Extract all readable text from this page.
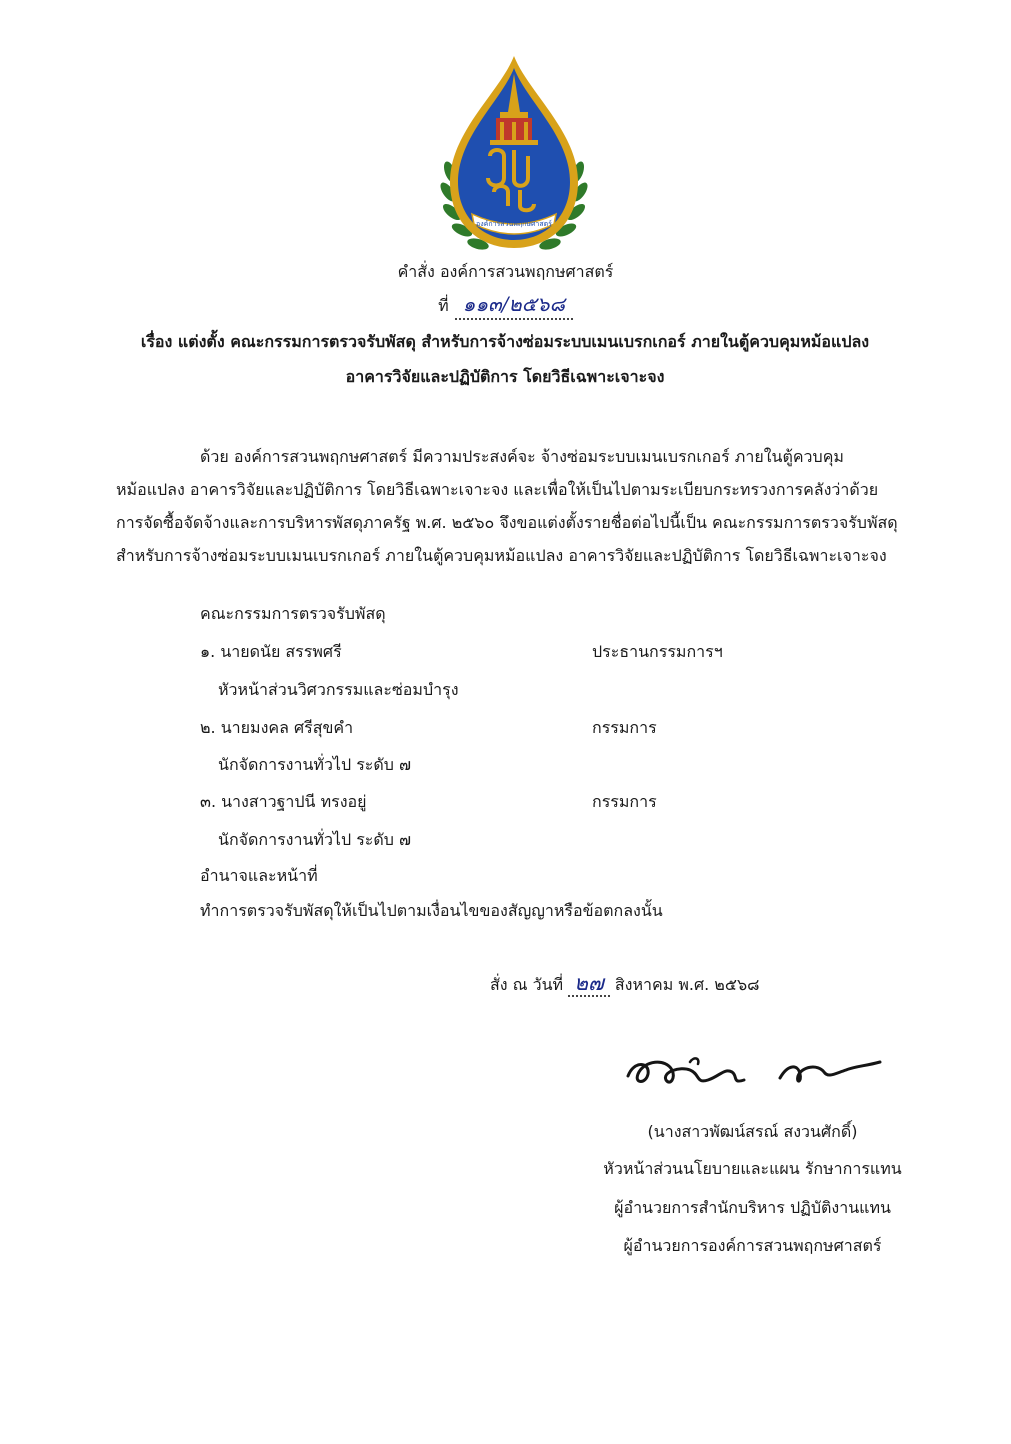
องค์การสวนพฤกษศาสตร์
คำสั่ง องค์การสวนพฤกษศาสตร์
ที่ ๑๑๓/๒๕๖๘
เรื่อง แต่งตั้ง คณะกรรมการตรวจรับพัสดุ สำหรับการจ้างซ่อมระบบเมนเบรกเกอร์ ภายในตู้ควบคุมหม้อแปลง
อาคารวิจัยและปฏิบัติการ โดยวิธีเฉพาะเจาะจง
ด้วย องค์การสวนพฤกษศาสตร์ มีความประสงค์จะ จ้างซ่อมระบบเมนเบรกเกอร์ ภายในตู้ควบคุม
หม้อแปลง อาคารวิจัยและปฏิบัติการ โดยวิธีเฉพาะเจาะจง และเพื่อให้เป็นไปตามระเบียบกระทรวงการคลังว่าด้วย
การจัดซื้อจัดจ้างและการบริหารพัสดุภาครัฐ พ.ศ. ๒๕๖๐ จึงขอแต่งตั้งรายชื่อต่อไปนี้เป็น คณะกรรมการตรวจรับพัสดุ
สำหรับการจ้างซ่อมระบบเมนเบรกเกอร์ ภายในตู้ควบคุมหม้อแปลง อาคารวิจัยและปฏิบัติการ โดยวิธีเฉพาะเจาะจง
คณะกรรมการตรวจรับพัสดุ
๑. นายดนัย สรรพศรี	ประธานกรรมการฯ
หัวหน้าส่วนวิศวกรรมและซ่อมบำรุง
๒. นายมงคล ศรีสุขคำ	กรรมการ
นักจัดการงานทั่วไป ระดับ ๗
๓. นางสาวฐาปนี ทรงอยู่	กรรมการ
นักจัดการงานทั่วไป ระดับ ๗
อำนาจและหน้าที่
ทำการตรวจรับพัสดุให้เป็นไปตามเงื่อนไขของสัญญาหรือข้อตกลงนั้น
สั่ง ณ วันที่ ๒๗ สิงหาคม พ.ศ. ๒๕๖๘
(นางสาวพัฒน์สรณ์ สงวนศักดิ์)
หัวหน้าส่วนนโยบายและแผน รักษาการแทน
ผู้อำนวยการสำนักบริหาร ปฏิบัติงานแทน
ผู้อำนวยการองค์การสวนพฤกษศาสตร์
